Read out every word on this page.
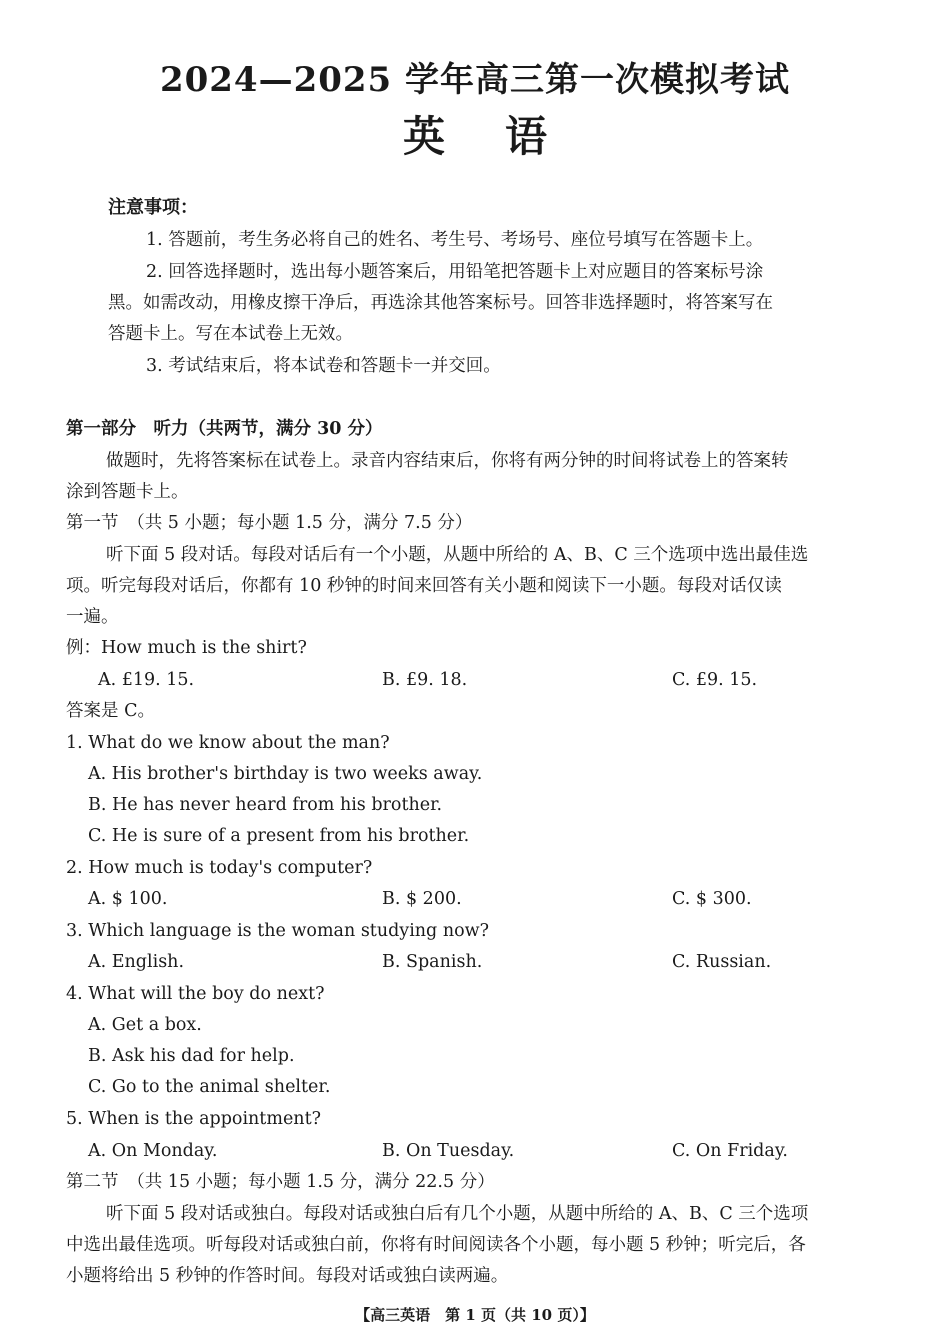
2024—2025 学年高三第一次模拟考试
英语
注意事项：
1. 答题前，考生务必将自己的姓名、考生号、考场号、座位号填写在答题卡上。
2. 回答选择题时，选出每小题答案后，用铅笔把答题卡上对应题目的答案标号涂
黑。如需改动，用橡皮擦干净后，再选涂其他答案标号。回答非选择题时，将答案写在
答题卡上。写在本试卷上无效。
3. 考试结束后，将本试卷和答题卡一并交回。
第一部分　听力（共两节，满分 30 分）
做题时，先将答案标在试卷上。录音内容结束后，你将有两分钟的时间将试卷上的答案转
涂到答题卡上。
第一节　（共 5 小题；每小题 1.5 分，满分 7.5 分）
听下面 5 段对话。每段对话后有一个小题，从题中所给的 A、B、C 三个选项中选出最佳选
项。听完每段对话后，你都有 10 秒钟的时间来回答有关小题和阅读下一小题。每段对话仅读
一遍。
例：How much is the shirt?
A. £19. 15.	B. £9. 18.	C. £9. 15.
答案是 C。
1. What do we know about the man?
A. His brother's birthday is two weeks away.
B. He has never heard from his brother.
C. He is sure of a present from his brother.
2. How much is today's computer?
A. $ 100.	B. $ 200.	C. $ 300.
3. Which language is the woman studying now?
A. English.	B. Spanish.	C. Russian.
4. What will the boy do next?
A. Get a box.
B. Ask his dad for help.
C. Go to the animal shelter.
5. When is the appointment?
A. On Monday.	B. On Tuesday.	C. On Friday.
第二节　（共 15 小题；每小题 1.5 分，满分 22.5 分）
听下面 5 段对话或独白。每段对话或独白后有几个小题，从题中所给的 A、B、C 三个选项
中选出最佳选项。听每段对话或独白前，你将有时间阅读各个小题，每小题 5 秒钟；听完后，各
小题将给出 5 秒钟的作答时间。每段对话或独白读两遍。
【高三英语　第 1 页（共 10 页）】
